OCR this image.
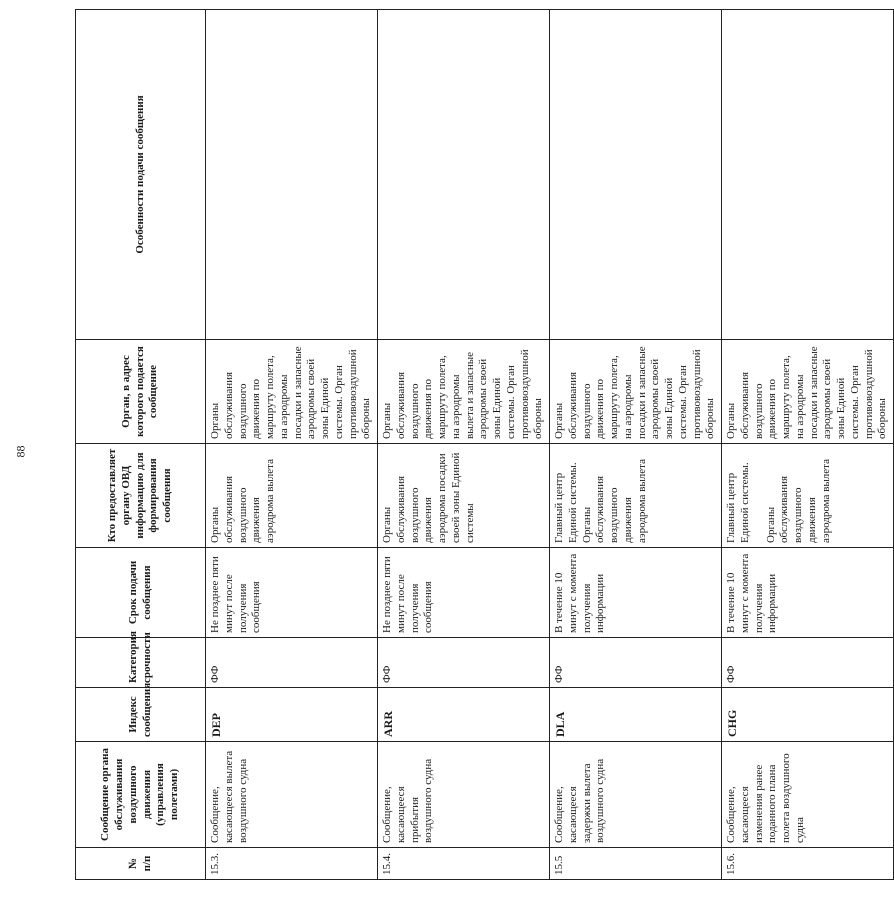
88
№ п/п	Сообщение органа обслуживания воздушного движения (управления полетами)	Индекс сообщения	Категория срочности	Срок подачи сообщения	Кто предоставляет органу ОВД информацию для формирования сообщения	Орган, в адрес которого подается сообщение	Особенности подачи сообщения
15.3.	Сообщение, касающееся вылета воздушного судна	DEP	ФФ	Не позднее пяти минут после получения сообщения	Органы обслуживания воздушного движения аэродрома вылета	Органы обслуживания воздушного движения по маршруту полета, на аэродромы посадки и запасные аэродромы своей зоны Единой системы. Орган противовоздушной обороны	
15.4.	Сообщение, касающееся прибытия воздушного судна	ARR	ФФ	Не позднее пяти минут после получения сообщения	Органы обслуживания воздушного движения аэродрома посадки своей зоны Единой системы	Органы обслуживания воздушного движения по маршруту полета, на аэродромы вылета и запасные аэродромы своей зоны Единой системы. Орган противовоздушной обороны	
15.5	Сообщение, касающееся задержки вылета воздушного судна	DLA	ФФ	В течение 10 минут с момента получения информации	Главный центр Единой системы. Органы обслуживания воздушного движения аэродрома вылета	Органы обслуживания воздушного движения по маршруту полета, на аэродромы посадки и запасные аэродромы своей зоны Единой системы. Орган противовоздушной обороны	
15.6.	Сообщение, касающееся изменения ранее поданного плана полета воздушного судна	CHG	ФФ	В течение 10 минут с момента получения информации	Главный центр Единой системы. Органы обслуживания воздушного движения аэродрома вылета	Органы обслуживания воздушного движения по маршруту полета, на аэродромы посадки и запасные аэродромы своей зоны Единой системы. Орган противовоздушной обороны	
